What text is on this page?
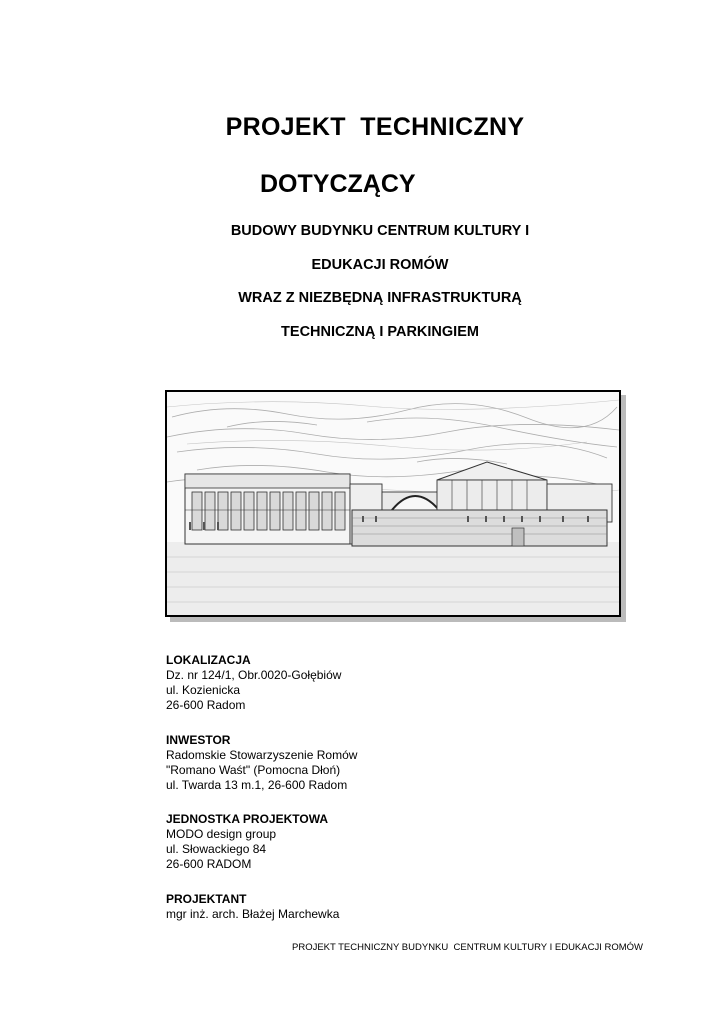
PROJEKT  TECHNICZNY
DOTYCZĄCY
BUDOWY BUDYNKU CENTRUM KULTURY I
EDUKACJI ROMÓW
WRAZ Z NIEZBĘDNĄ INFRASTRUKTURĄ
TECHNICZNĄ I PARKINGIEM
LOKALIZACJA
Dz. nr 124/1, Obr.0020-Gołębiów
ul. Kozienicka
26-600 Radom
INWESTOR
Radomskie Stowarzyszenie Romów
"Romano Waśt" (Pomocna Dłoń)
ul. Twarda 13 m.1, 26-600 Radom
JEDNOSTKA PROJEKTOWA
MODO design group
ul. Słowackiego 84
26-600 RADOM
PROJEKTANT
mgr inż. arch. Błażej Marchewka
PROJEKT TECHNICZNY BUDYNKU  CENTRUM KULTURY I EDUKACJI ROMÓW
